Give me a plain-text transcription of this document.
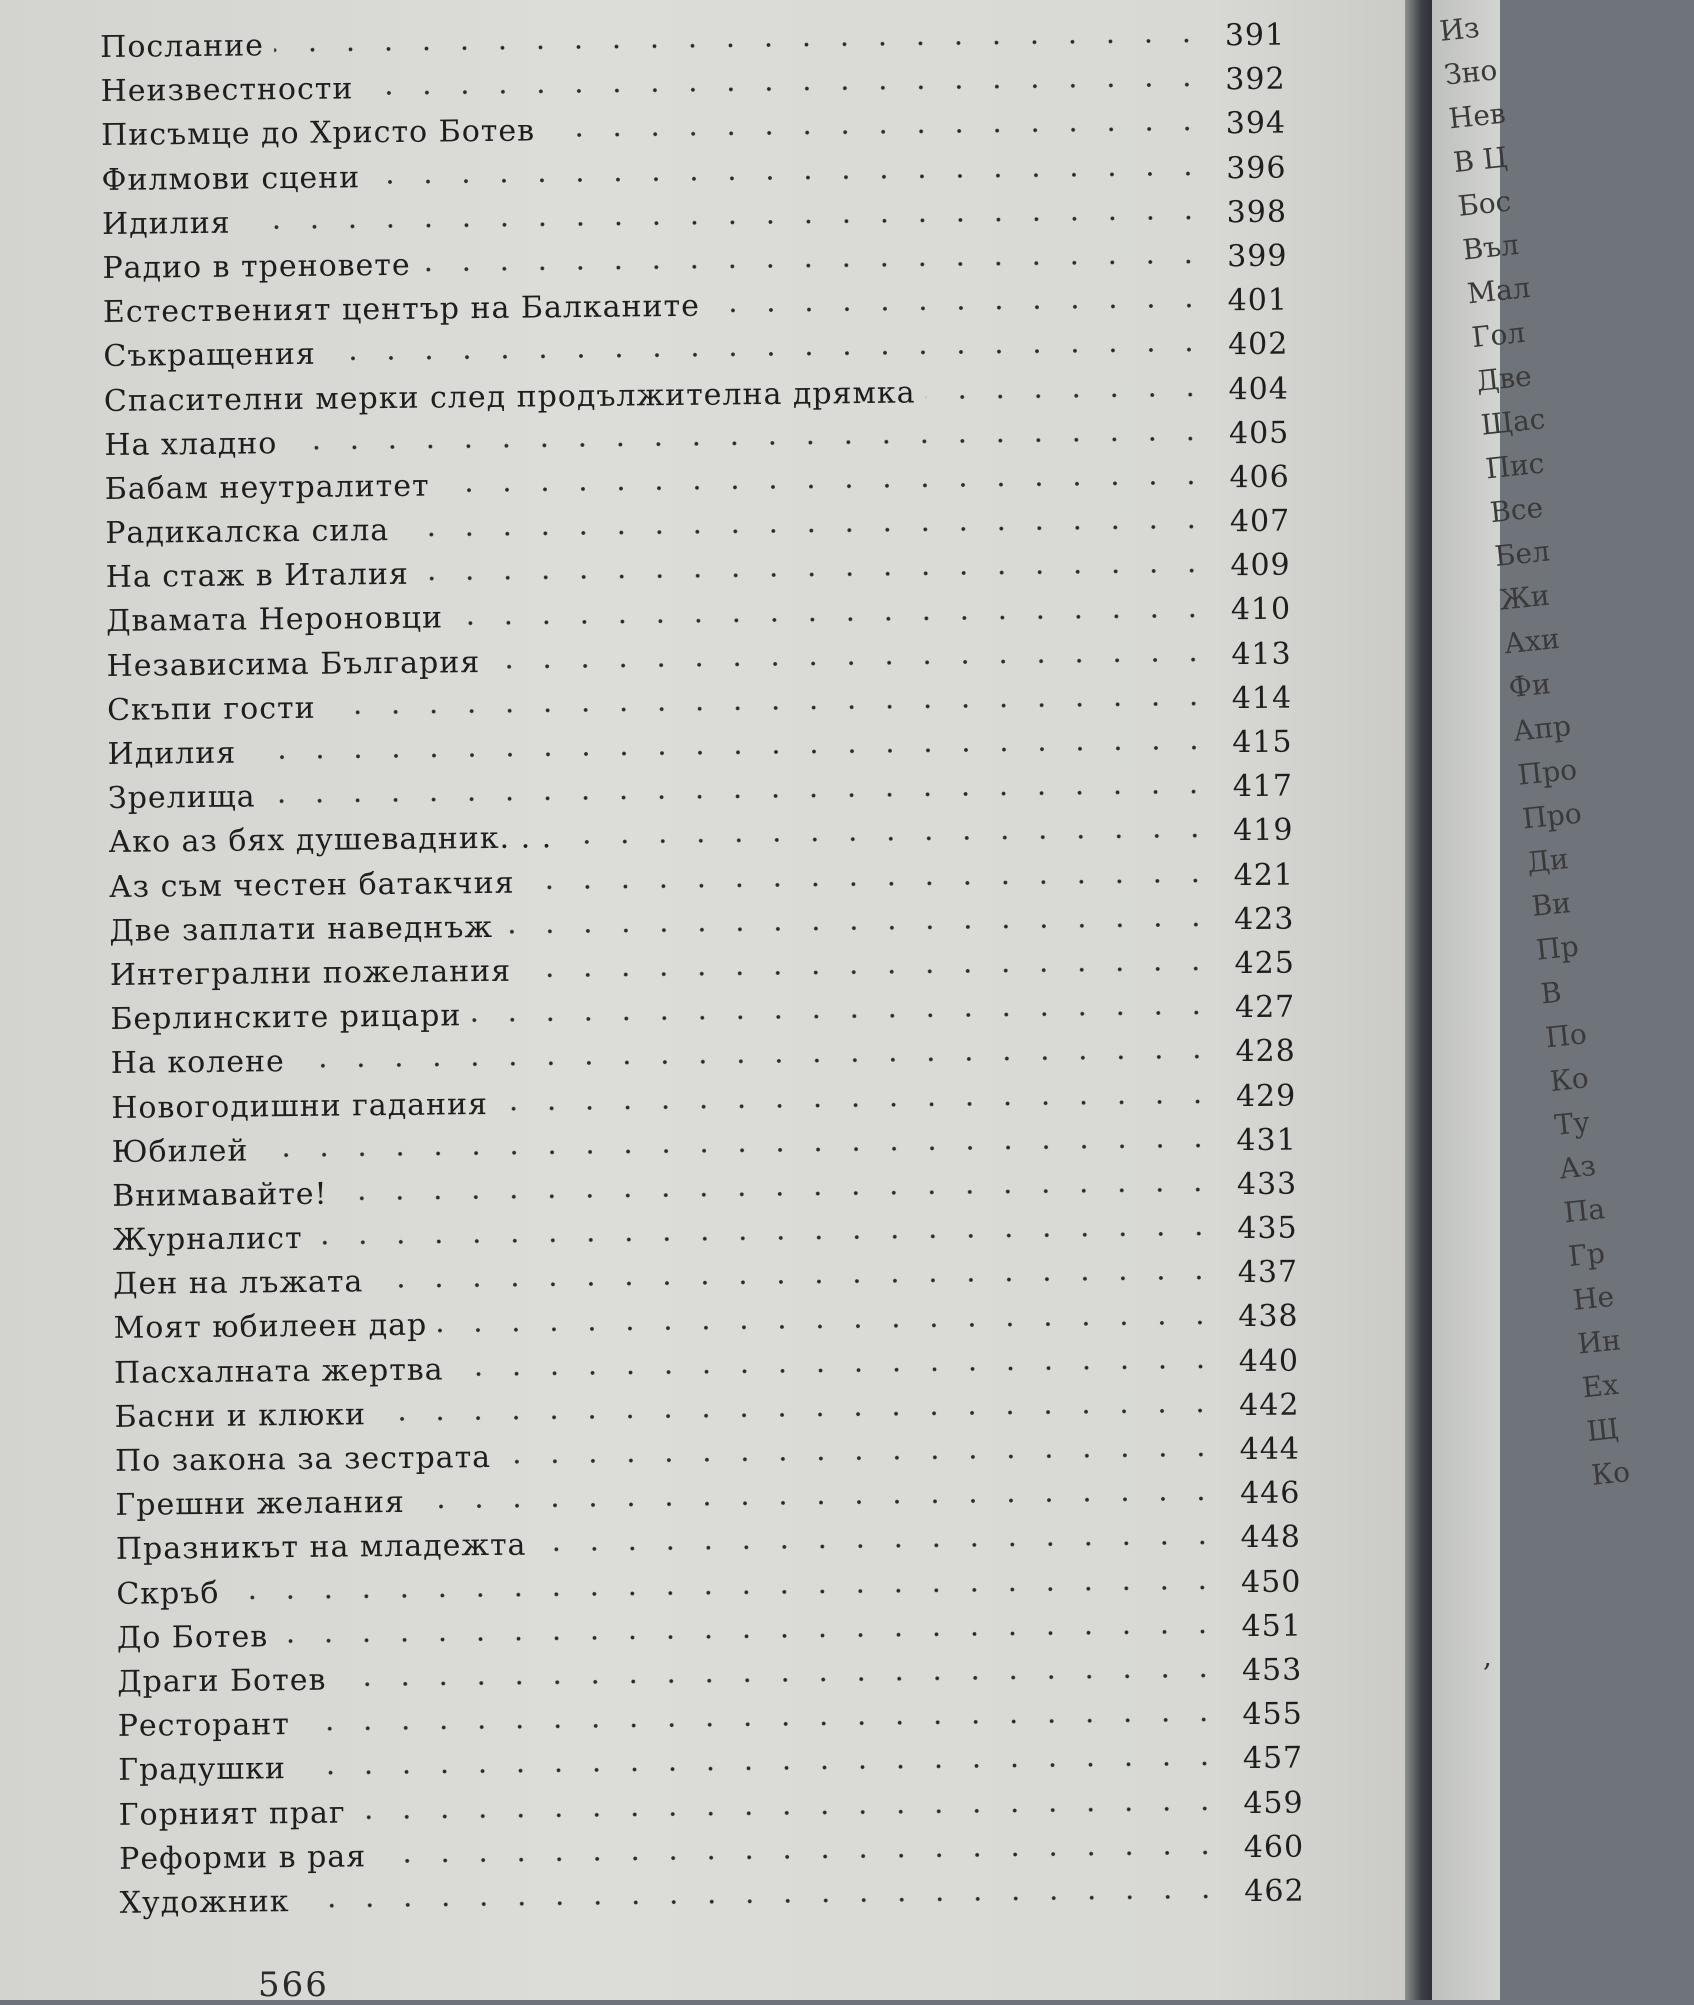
Послание	391
Неизвестности	392
Писъмце до Христо Ботев	394
Филмови сцени	396
Идилия	398
Радио в треновете	399
Естественият център на Балканите	401
Съкращения	402
Спасителни мерки след продължителна дрямка	404
На хладно	405
Бабам неутралитет	406
Радикалска сила	407
На стаж в Италия	409
Двамата Нероновци	410
Независима България	413
Скъпи гости	414
Идилия	415
Зрелища	417
Ако аз бях душевадник. . .	419
Аз съм честен батакчия	421
Две заплати наведнъж	423
Интегрални пожелания	425
Берлинските рицари	427
На колене	428
Новогодишни гадания	429
Юбилей	431
Внимавайте!	433
Журналист	435
Ден на лъжата	437
Моят юбилеен дар	438
Пасхалната жертва	440
Басни и клюки	442
По закона за зестрата	444
Грешни желания	446
Празникът на младежта	448
Скръб	450
До Ботев	451
Драги Ботев	453
Ресторант	455
Градушки	457
Горният праг	459
Реформи в рая	460
Художник	462
566
Из
Зно
Нев
В Ц
Бос
Въл
Мал
Гол
Две
Щас
Пис
Все
Бел
Жи
Ахи
Фи
Апр
Про
Про
Ди
Ви
Пр
В
По
Ко
Ту
Аз
Па
Гр
Не
Ин
Ех
Щ
Ко
,
